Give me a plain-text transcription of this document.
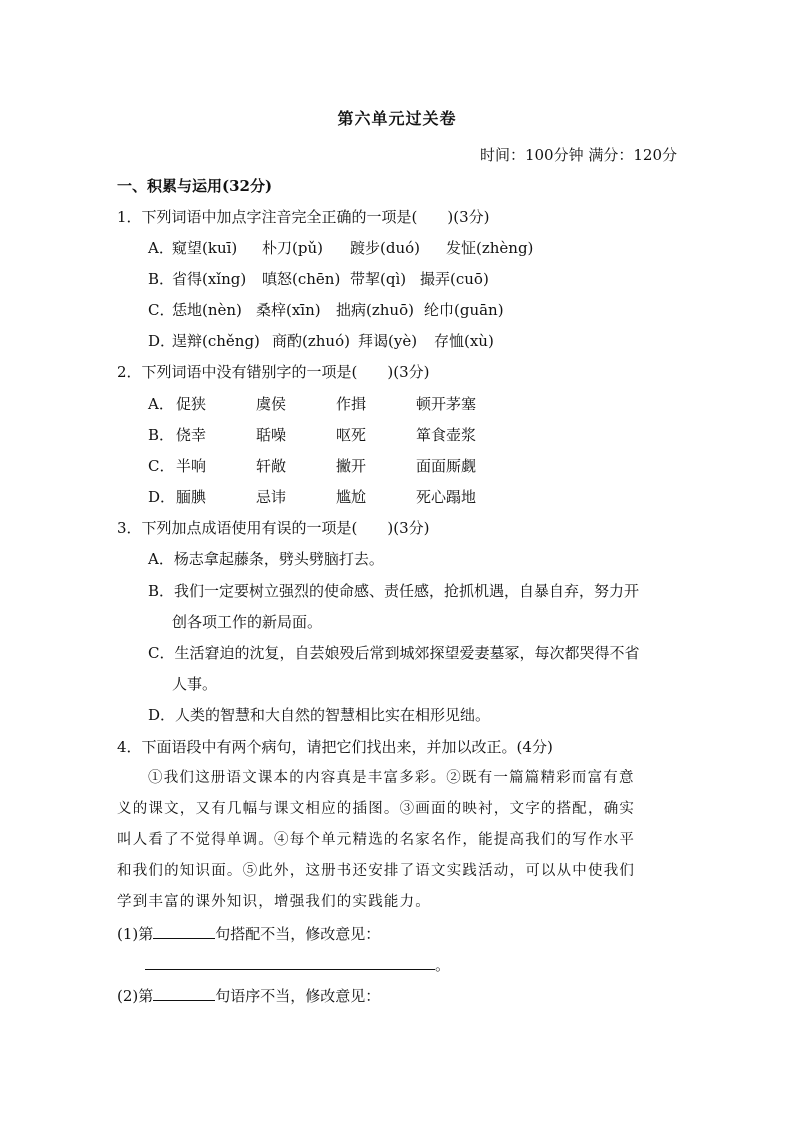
第六单元过关卷
时间：100分钟 满分：120分
一、积累与运用(32分)
1．下列词语中加点字注音完全正确的一项是(　　)(3分)
A．窥望(kuī) 朴刀(pǔ) 踱步(duó) 发怔(zhèng)
B．省得(xǐng) 嗔怒(chēn) 带挈(qì) 撮弄(cuō)
C．恁地(nèn) 桑梓(xīn) 拙病(zhuō) 纶巾(guān)
D．逞辩(chěng) 商酌(zhuó) 拜谒(yè) 存恤(xù)
2．下列词语中没有错别字的一项是(　　)(3分)
A． 促狭	虞侯	作揖	顿开茅塞
B． 侥幸	聒噪	呕死	箪食壶浆
C． 半响	轩敞	撇开	面面厮觑
D．腼腆	忌讳	尴尬	死心蹋地
3．下列加点成语使用有误的一项是(　　)(3分)
A．杨志拿起藤条，劈头劈脑打去。
B．我们一定要树立强烈的使命感、责任感，抢抓机遇，自暴自弃，努力开
创各项工作的新局面。
C．生活窘迫的沈复，自芸娘殁后常到城郊探望爱妻墓冢，每次都哭得不省
人事。
D．人类的智慧和大自然的智慧相比实在相形见绌。
4．下面语段中有两个病句，请把它们找出来，并加以改正。(4分)
①我们这册语文课本的内容真是丰富多彩。②既有一篇篇精彩而富有意
义的课文，又有几幅与课文相应的插图。③画面的映衬，文字的搭配，确实
叫人看了不觉得单调。④每个单元精选的名家名作，能提高我们的写作水平
和我们的知识面。⑤此外，这册书还安排了语文实践活动，可以从中使我们
学到丰富的课外知识，增强我们的实践能力。
(1)第	句搭配不当，修改意见：
。
(2)第	句语序不当，修改意见：
